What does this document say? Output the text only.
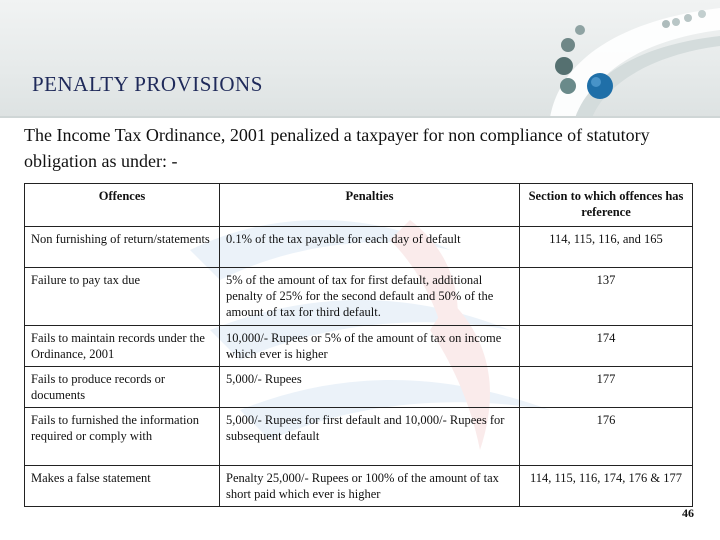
PENALTY PROVISIONS

The Income Tax Ordinance, 2001 penalized a taxpayer for non compliance of statutory obligation as under: -

Offences	Penalties	Section to which offences has reference
Non furnishing of return/statements	0.1% of the tax payable for each day of default	114, 115, 116, and 165
Failure to pay tax due	5% of the amount of tax for first default, additional penalty of 25% for the second default and 50% of the amount of tax for third default.	137
Fails to maintain records under the Ordinance, 2001	10,000/- Rupees or 5% of the amount of tax on income which ever is higher	174
Fails to produce records or documents	5,000/- Rupees	177
Fails to furnished the information required or comply with	5,000/- Rupees for first default and 10,000/- Rupees for subsequent default	176
Makes a false statement	Penalty 25,000/- Rupees or 100% of the amount of tax short paid which ever is higher	114, 115, 116, 174, 176 & 177
46
